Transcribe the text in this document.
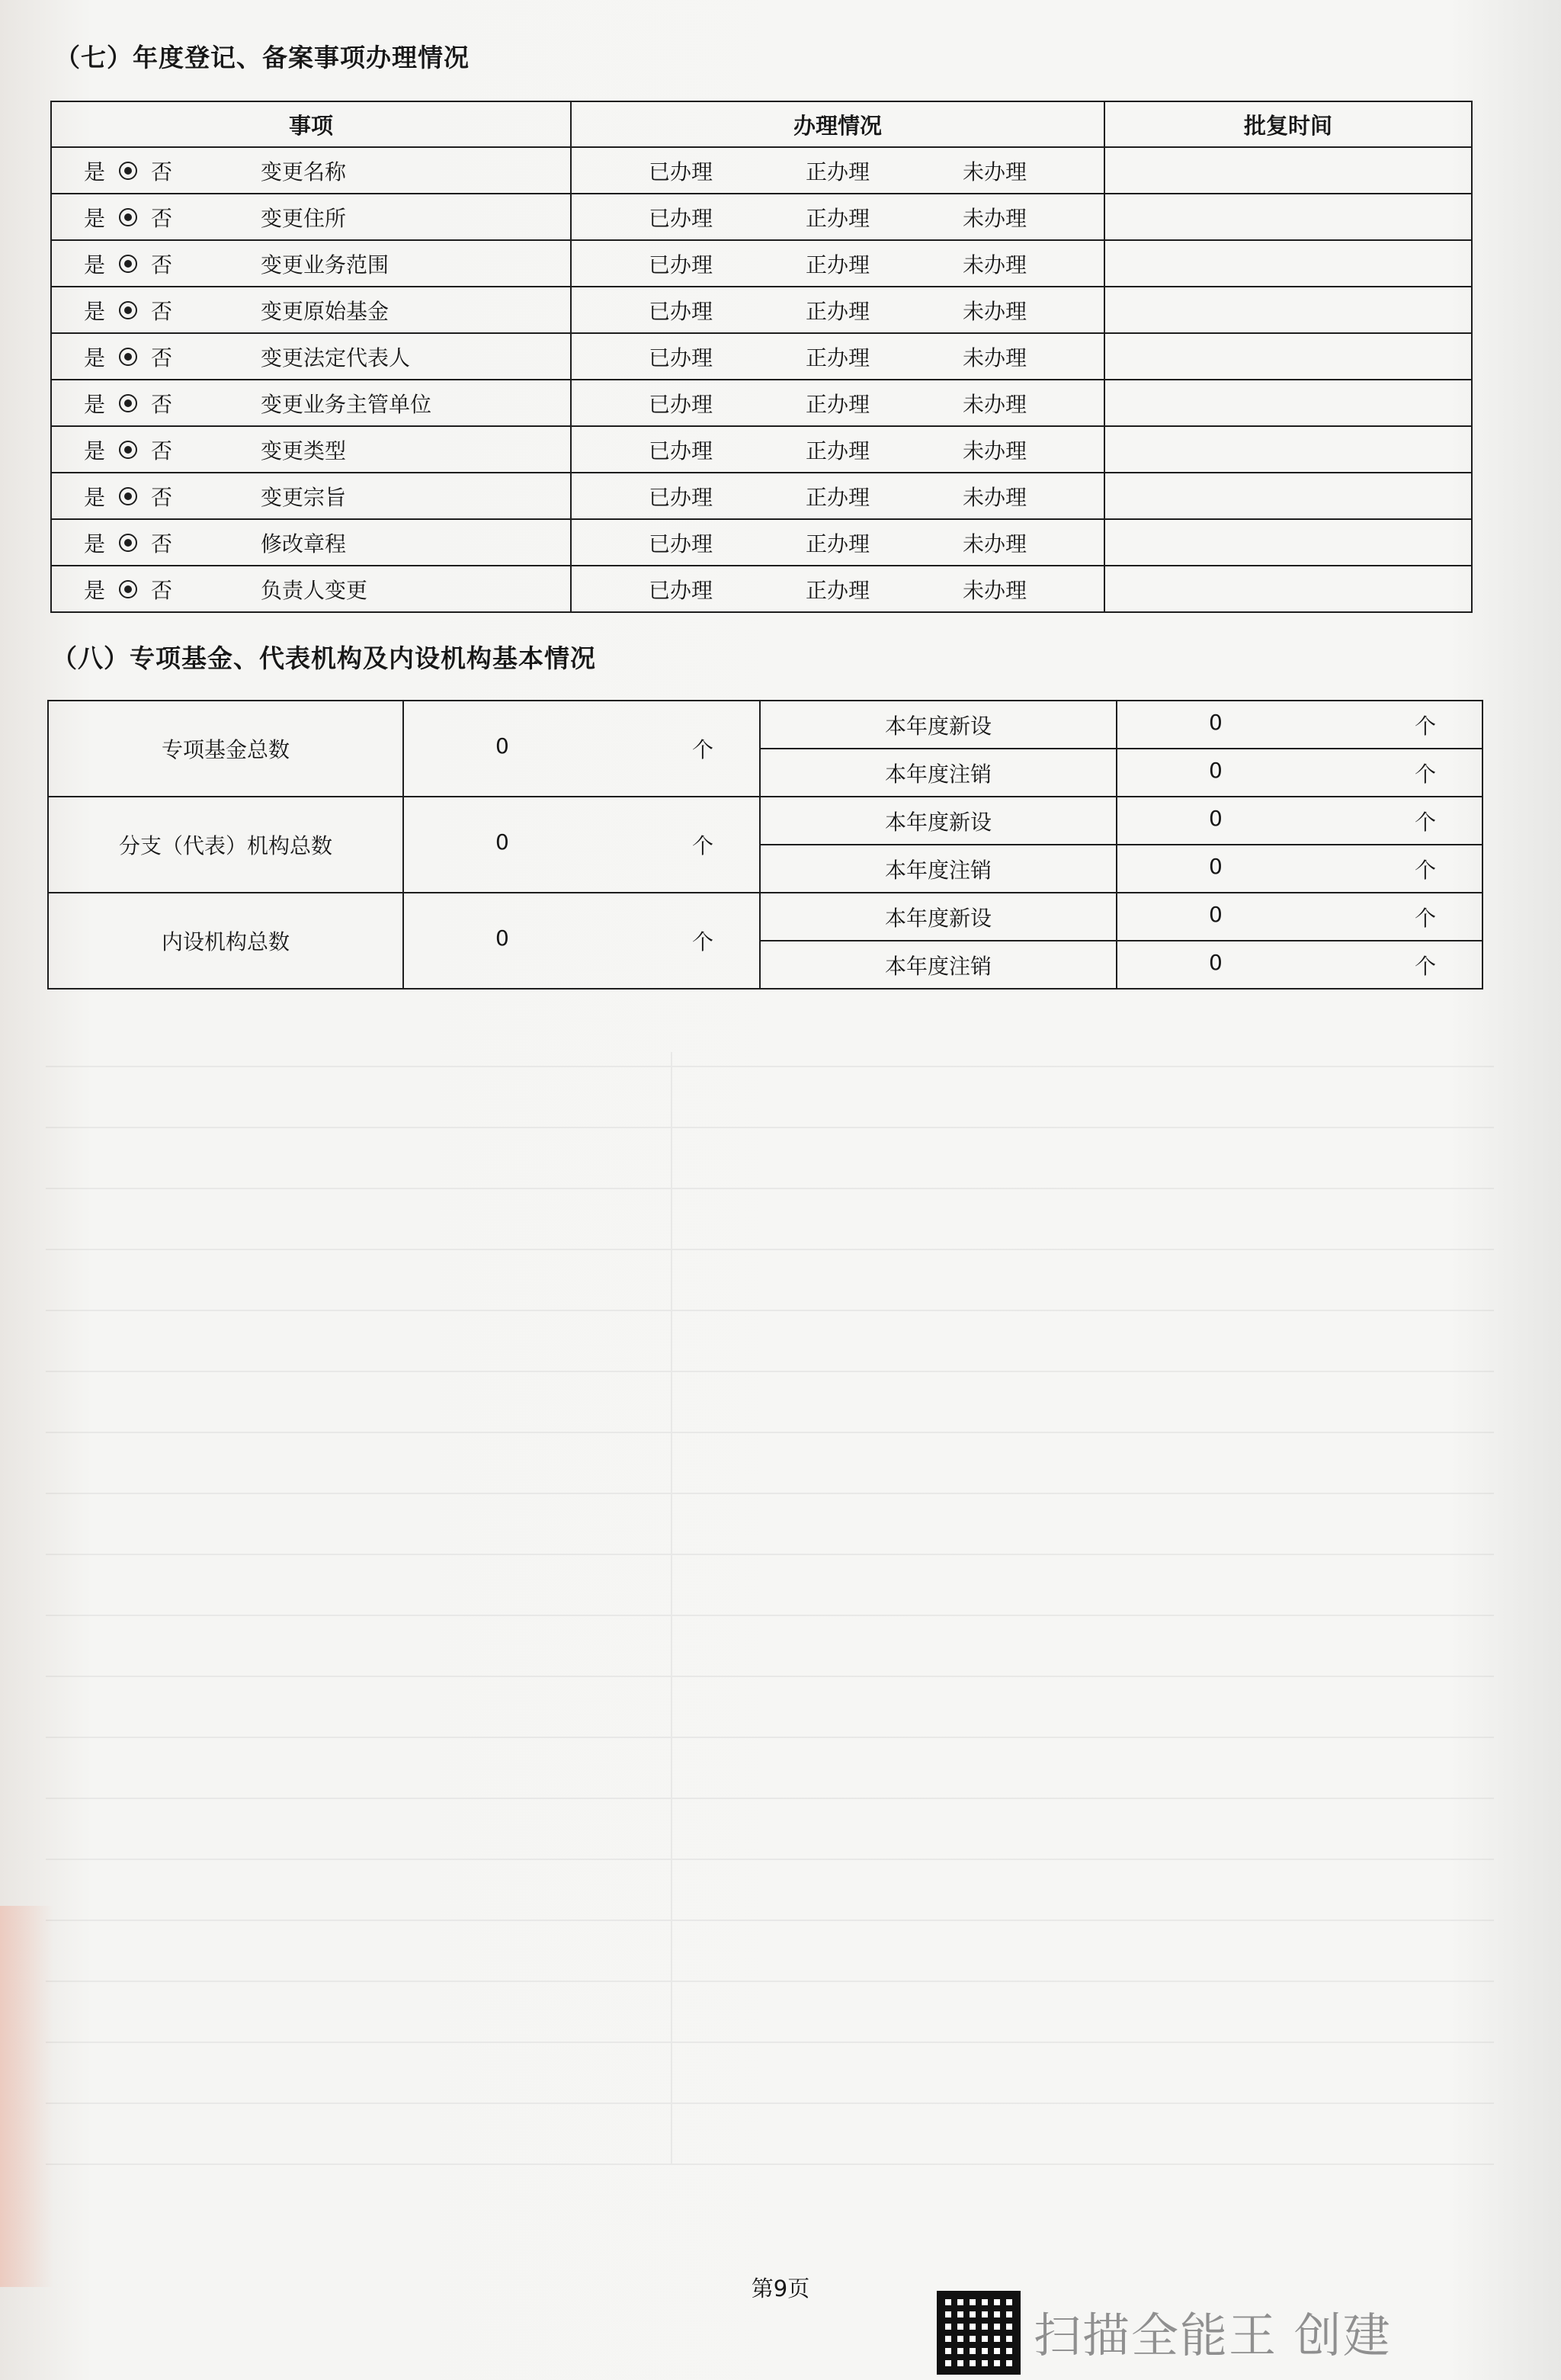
（七）年度登记、备案事项办理情况
事项	办理情况	批复时间
是 否 变更名称	已办理 正办理 未办理	

是 否 变更住所	已办理 正办理 未办理	

是 否 变更业务范围	已办理 正办理 未办理	

是 否 变更原始基金	已办理 正办理 未办理	

是 否 变更法定代表人	已办理 正办理 未办理	

是 否 变更业务主管单位	已办理 正办理 未办理	

是 否 变更类型	已办理 正办理 未办理	

是 否 变更宗旨	已办理 正办理 未办理	

是 否 修改章程	已办理 正办理 未办理	

是 否 负责人变更	已办理 正办理 未办理	

（八）专项基金、代表机构及内设机构基本情况
专项基金总数	0 个	本年度新设	0 个

		本年度注销	0 个

分支（代表）机构总数	0 个	本年度新设	0 个

		本年度注销	0 个

内设机构总数	0 个	本年度新设	0 个

		本年度注销	0 个
第9页
扫描全能王 创建
